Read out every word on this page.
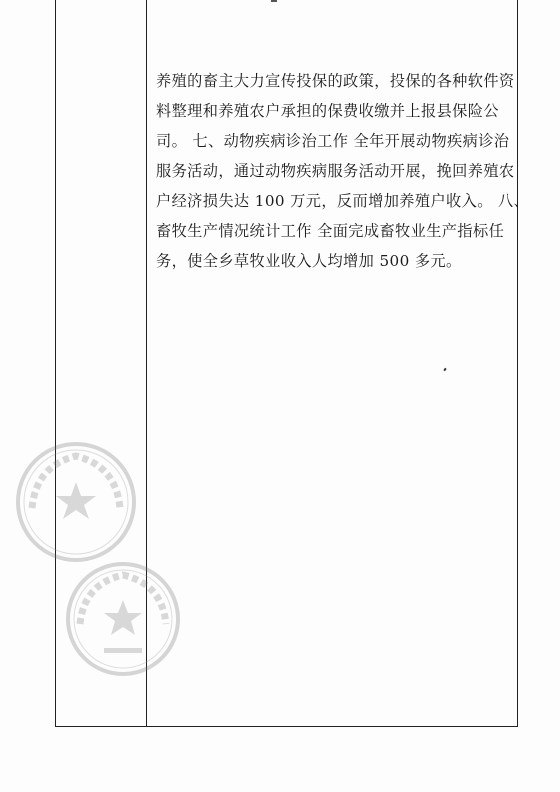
养殖的畜主大力宣传投保的政策，投保的各种软件资
料整理和养殖农户承担的保费收缴并上报县保险公
司。 七、动物疾病诊治工作 全年开展动物疾病诊治
服务活动，通过动物疾病服务活动开展，挽回养殖农
户经济损失达 100 万元，反而增加养殖户收入。 八、
畜牧生产情况统计工作 全面完成畜牧业生产指标任
务，使全乡草牧业收入人均增加 500 多元。
